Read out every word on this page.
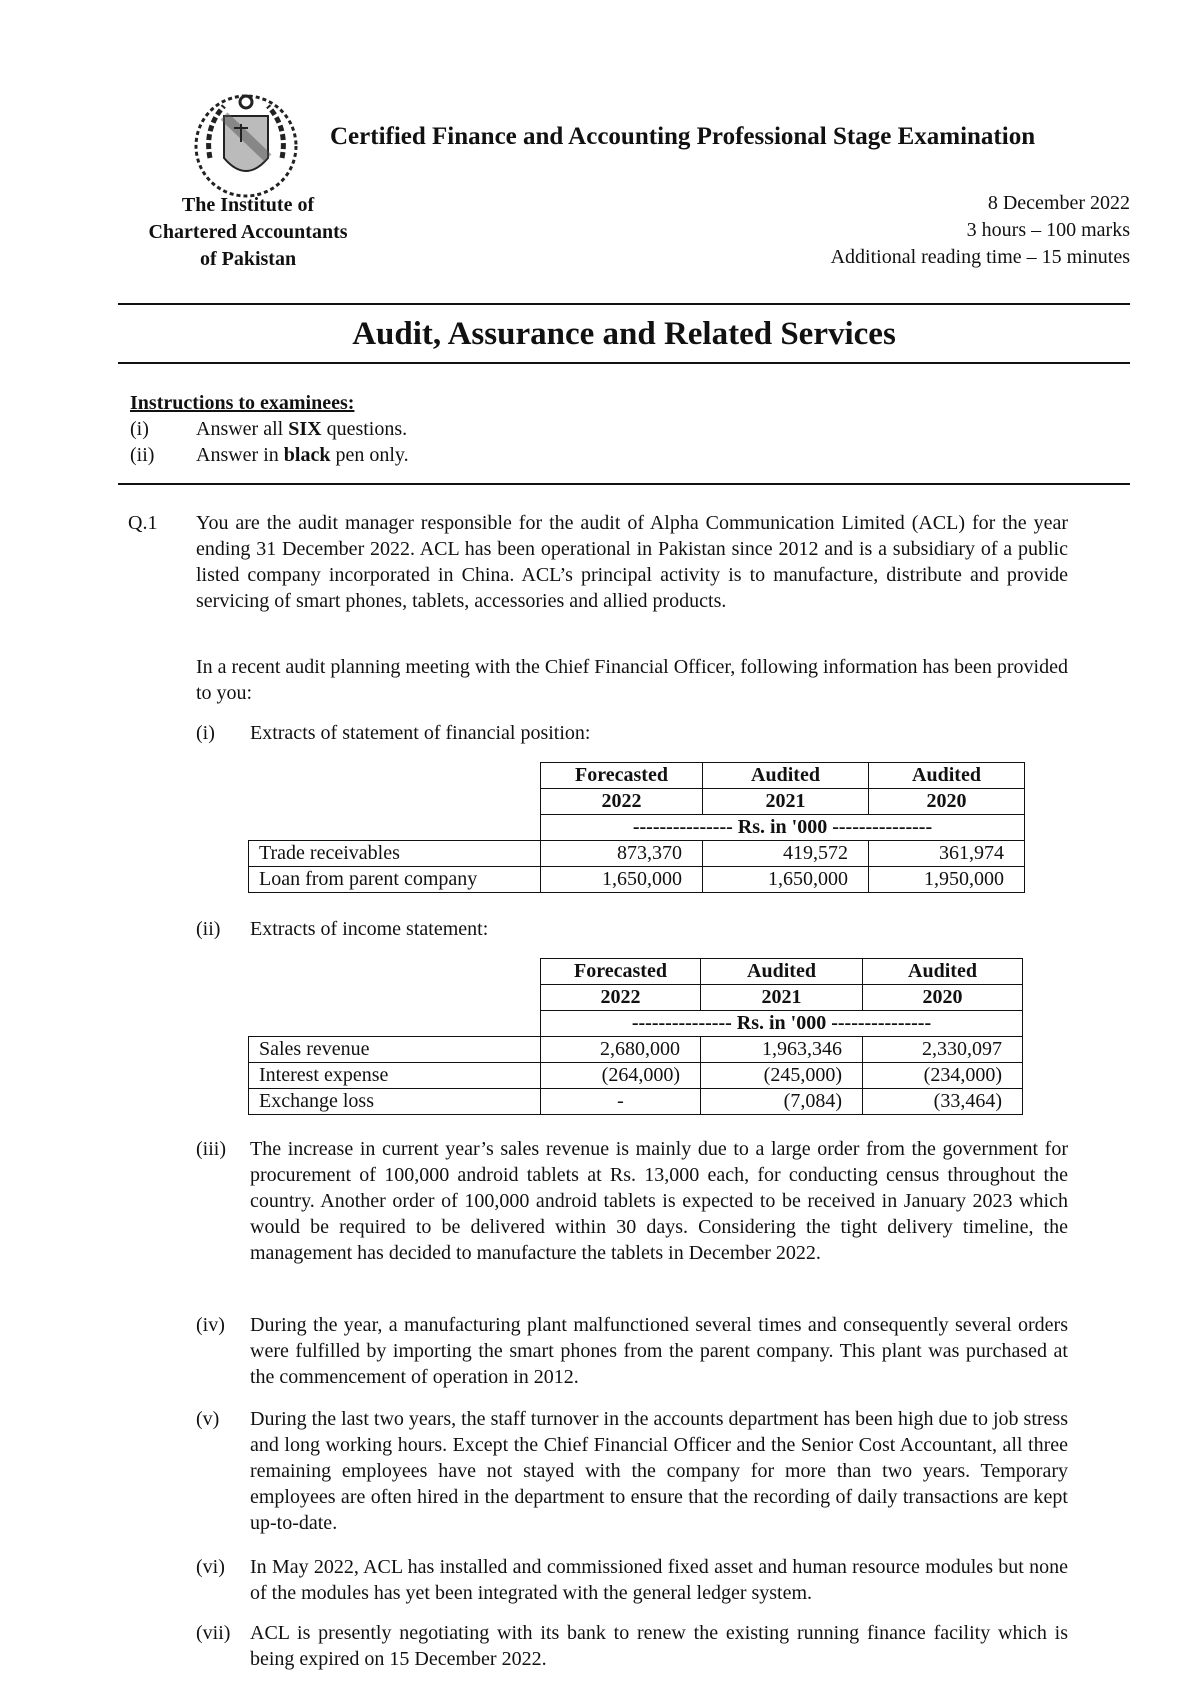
Certified Finance and Accounting Professional Stage Examination
The Institute of
Chartered Accountants
of Pakistan
8 December 2022
3 hours – 100 marks
Additional reading time – 15 minutes
Audit, Assurance and Related Services
Instructions to examinees:
(i) Answer all SIX questions.
(ii) Answer in black pen only.
Q.1 You are the audit manager responsible for the audit of Alpha Communication Limited (ACL) for the year ending 31 December 2022. ACL has been operational in Pakistan since 2012 and is a subsidiary of a public listed company incorporated in China. ACL’s principal activity is to manufacture, distribute and provide servicing of smart phones, tablets, accessories and allied products.
In a recent audit planning meeting with the Chief Financial Officer, following information has been provided to you:
(i)	Extracts of statement of financial position:
	Forecasted	Audited	Audited
	2022	2021	2020
	--------------- Rs. in '000 ---------------		
Trade receivables	873,370	419,572	361,974
Loan from parent company	1,650,000	1,650,000	1,950,000
(ii)	Extracts of income statement:
	Forecasted	Audited	Audited
	2022	2021	2020
	--------------- Rs. in '000 ---------------		
Sales revenue	2,680,000	1,963,346	2,330,097
Interest expense	(264,000)	(245,000)	(234,000)
Exchange loss	-	(7,084)	(33,464)
(iii)	The increase in current year’s sales revenue is mainly due to a large order from the government for procurement of 100,000 android tablets at Rs. 13,000 each, for conducting census throughout the country. Another order of 100,000 android tablets is expected to be received in January 2023 which would be required to be delivered within 30 days. Considering the tight delivery timeline, the management has decided to manufacture the tablets in December 2022.
(iv)	During the year, a manufacturing plant malfunctioned several times and consequently several orders were fulfilled by importing the smart phones from the parent company. This plant was purchased at the commencement of operation in 2012.
(v)	During the last two years, the staff turnover in the accounts department has been high due to job stress and long working hours. Except the Chief Financial Officer and the Senior Cost Accountant, all three remaining employees have not stayed with the company for more than two years. Temporary employees are often hired in the department to ensure that the recording of daily transactions are kept up-to-date.
(vi)	In May 2022, ACL has installed and commissioned fixed asset and human resource modules but none of the modules has yet been integrated with the general ledger system.
(vii) ACL is presently negotiating with its bank to renew the existing running finance facility which is being expired on 15 December 2022.
